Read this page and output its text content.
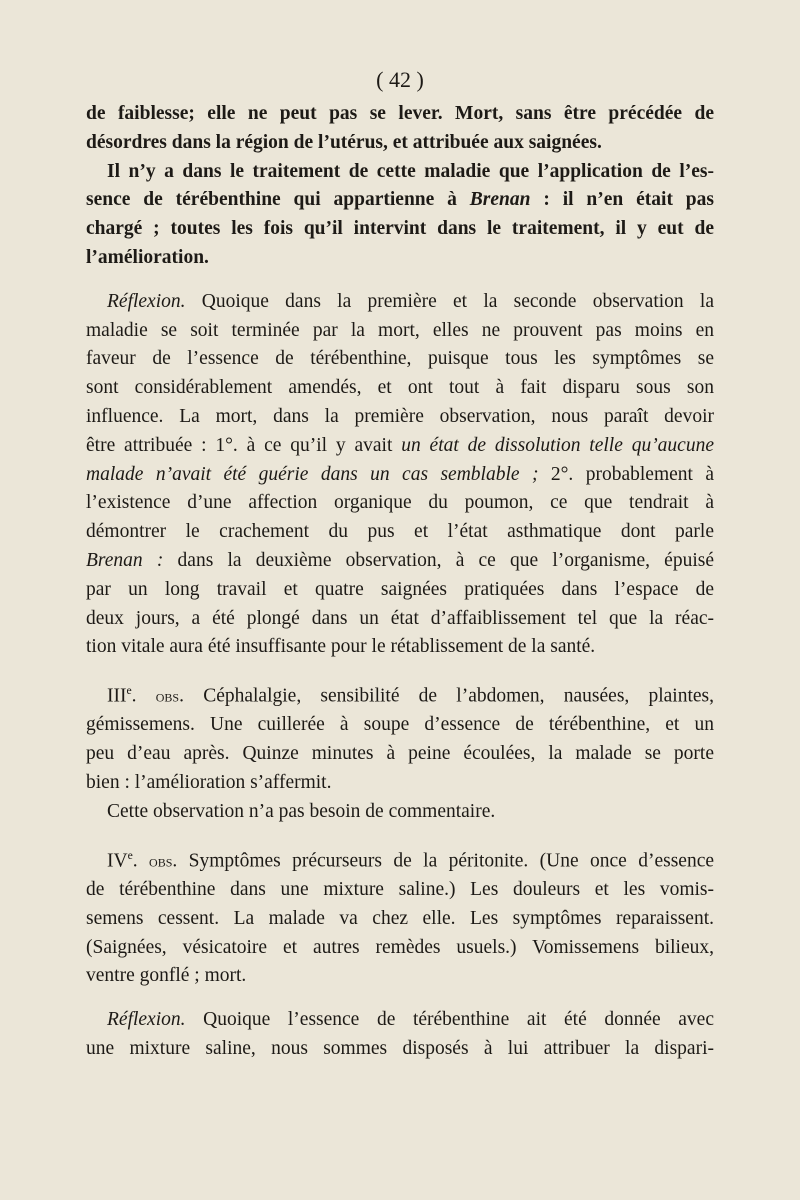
( 42 )

de faiblesse; elle ne peut pas se lever. Mort, sans être précédée de
désordres dans la région de l’utérus, et attribuée aux saignées.

Il n’y a dans le traitement de cette maladie que l’application de l’es-
sence de térébenthine qui appartienne à Brenan : il n’en était pas
chargé ; toutes les fois qu’il intervint dans le traitement, il y eut de
l’amélioration.

Réflexion. Quoique dans la première et la seconde observation la
maladie se soit terminée par la mort, elles ne prouvent pas moins en
faveur de l’essence de térébenthine, puisque tous les symptômes se
sont considérablement amendés, et ont tout à fait disparu sous son
influence. La mort, dans la première observation, nous paraît devoir
être attribuée : 1°. à ce qu’il y avait un état de dissolution telle qu’aucune
malade n’avait été guérie dans un cas semblable ; 2°. probablement à
l’existence d’une affection organique du poumon, ce que tendrait à
démontrer le crachement du pus et l’état asthmatique dont parle
Brenan : dans la deuxième observation, à ce que l’organisme, épuisé
par un long travail et quatre saignées pratiquées dans l’espace de
deux jours, a été plongé dans un état d’affaiblissement tel que la réac-
tion vitale aura été insuffisante pour le rétablissement de la santé.

IIIe. obs. Céphalalgie, sensibilité de l’abdomen, nausées, plaintes,
gémissemens. Une cuillerée à soupe d’essence de térébenthine, et un
peu d’eau après. Quinze minutes à peine écoulées, la malade se porte
bien : l’amélioration s’affermit.

Cette observation n’a pas besoin de commentaire.

IVe. obs. Symptômes précurseurs de la péritonite. (Une once d’essence
de térébenthine dans une mixture saline.) Les douleurs et les vomis-
semens cessent. La malade va chez elle. Les symptômes reparaissent.
(Saignées, vésicatoire et autres remèdes usuels.) Vomissemens bilieux,
ventre gonflé ; mort.

Réflexion. Quoique l’essence de térébenthine ait été donnée avec
une mixture saline, nous sommes disposés à lui attribuer la dispari-
